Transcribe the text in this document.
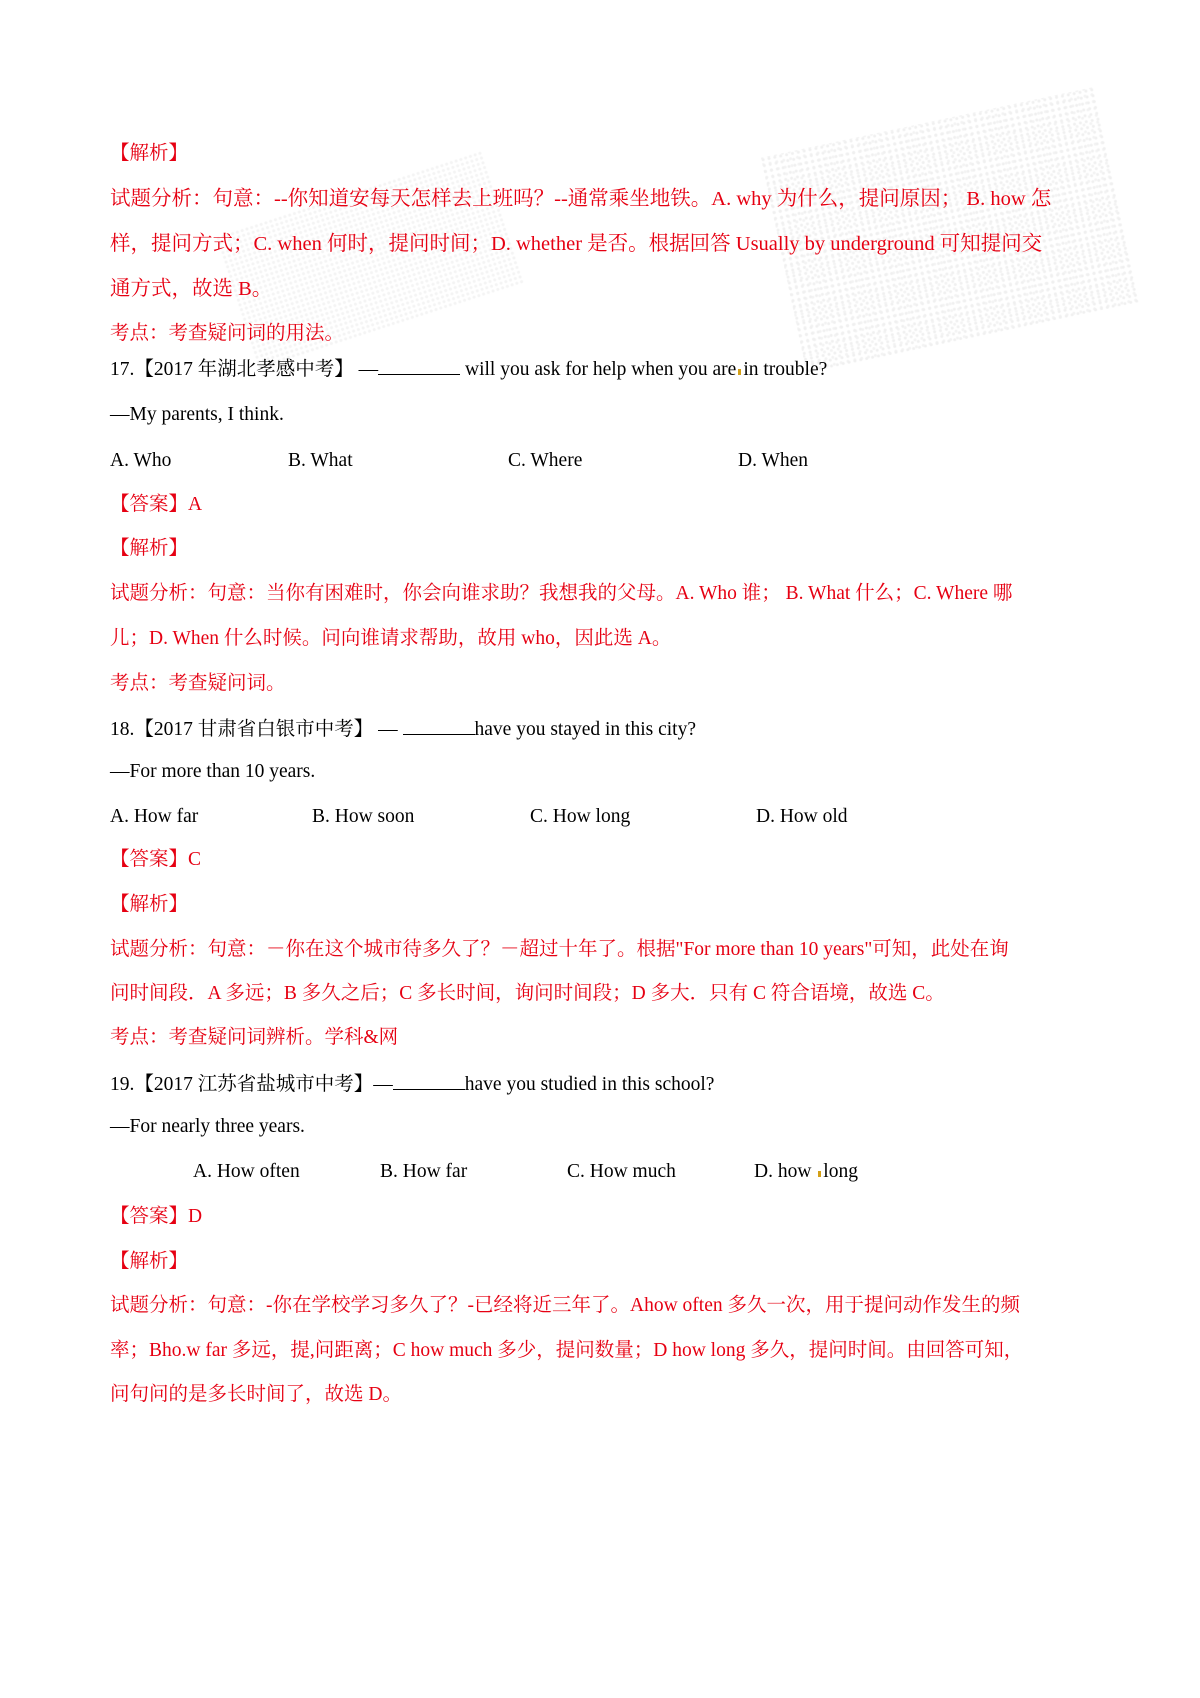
【解析】
试题分析：句意：--你知道安每天怎样去上班吗？--通常乘坐地铁。A. why 为什么，提问原因； B. how 怎
样，提问方式；C. when 何时，提问时间；D. whether 是否。根据回答 Usually by underground 可知提问交
通方式，故选 B。
考点：考查疑问词的用法。
17.【2017 年湖北孝感中考】 —	will you ask for help when you are in trouble?
—My parents, I think.
A. Who	B. What	C. Where	D. When
【答案】A
【解析】
试题分析：句意：当你有困难时，你会向谁求助？我想我的父母。A. Who 谁； B. What 什么；C. Where 哪
儿；D. When 什么时候。问向谁请求帮助，故用 who，因此选 A。
考点：考查疑问词。
18.【2017 甘肃省白银市中考】 —	have you stayed in this city?
—For more than 10 years.
A. How far	B. How soon	C. How long	D. How old
【答案】C
【解析】
试题分析：句意：－你在这个城市待多久了？－超过十年了。根据"For more than 10 years"可知，此处在询
问时间段．A 多远；B 多久之后；C 多长时间，询问时间段；D 多大．只有 C 符合语境，故选 C。
考点：考查疑问词辨析。学科&网
19.【2017 江苏省盐城市中考】—	have you studied in this school?
—For nearly three years.
A. How often	B. How far	C. How much	D. how long
【答案】D
【解析】
试题分析：句意：-你在学校学习多久了？-已经将近三年了。Ahow often 多久一次，用于提问动作发生的频
率；Bho.w far 多远，提,问距离；C how much 多少，提问数量；D how long 多久，提问时间。由回答可知，
问句问的是多长时间了，故选 D。
